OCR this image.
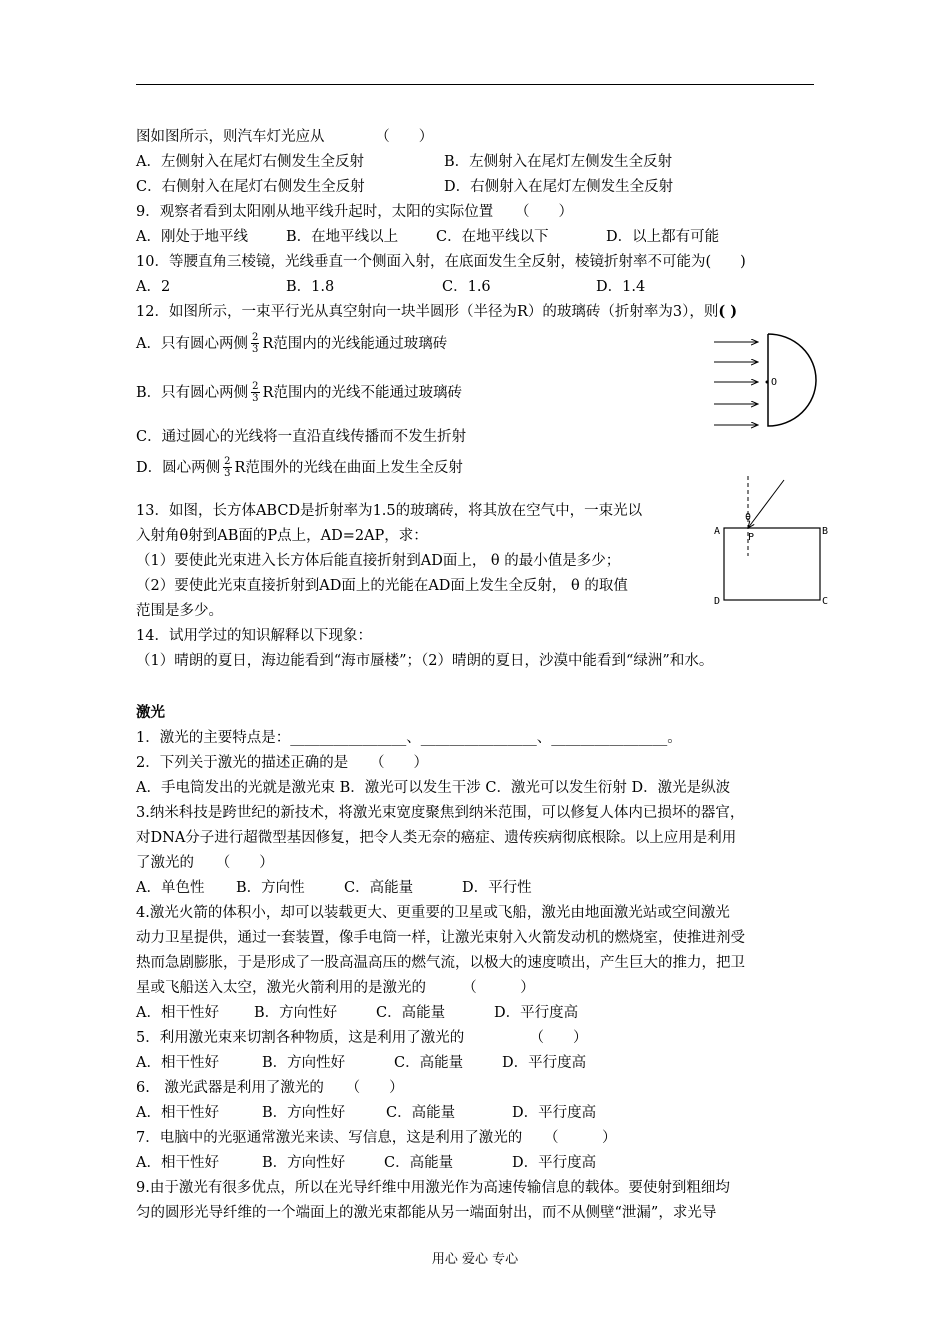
图如图所示，则汽车灯光应从　　　　（　　）
A．左侧射入在尾灯右侧发生全反射	B．左侧射入在尾灯左侧发生全反射
C．右侧射入在尾灯右侧发生全反射	D．右侧射入在尾灯左侧发生全反射
9．观察者看到太阳刚从地平线升起时，太阳的实际位置　　（　　）
A．刚处于地平线	B．在地平线以上	C．在地平线以下	D．以上都有可能
10．等腰直角三棱镜，光线垂直一个侧面入射，在底面发生全反射，棱镜折射率不可能为(　　)
A．2	B．1.8	C．1.6	D．1.4
12．如图所示，一束平行光从真空射向一块半圆形（半径为R）的玻璃砖（折射率为3），则( )
A．只有圆心两侧 $\frac{2}{3}$ R范围内的光线能通过玻璃砖
B．只有圆心两侧 $\frac{2}{3}$ R范围内的光线不能通过玻璃砖
C．通过圆心的光线将一直沿直线传播而不发生折射
D．圆心两侧 $\frac{2}{3}$ R范围外的光线在曲面上发生全反射
O
13．如图，长方体ABCD是折射率为1.5的玻璃砖，将其放在空气中，一束光以
入射角θ射到AB面的P点上，AD=2AP，求：
（1）要使此光束进入长方体后能直接折射到AD面上， θ 的最小值是多少；
（2）要使此光束直接折射到AD面上的光能在AD面上发生全反射， θ 的取值
范围是多少。
A	B
C
D
P
θ
14．试用学过的知识解释以下现象：
（1）晴朗的夏日，海边能看到“海市蜃楼”；（2）晴朗的夏日，沙漠中能看到“绿洲”和水。
激光
1．激光的主要特点是：________________、________________、________________。
2．下列关于激光的描述正确的是　　（　　）
A．手电筒发出的光就是激光束 B．激光可以发生干涉 C．激光可以发生衍射 D．激光是纵波
3.纳米科技是跨世纪的新技术，将激光束宽度聚焦到纳米范围，可以修复人体内已损坏的器官，
对DNA分子进行超微型基因修复，把令人类无奈的癌症、遗传疾病彻底根除。以上应用是利用
了激光的　　（　　）
A．单色性 B．方向性	C．高能量	D．平行性
4.激光火箭的体积小，却可以装载更大、更重要的卫星或飞船，激光由地面激光站或空间激光
动力卫星提供，通过一套装置，像手电筒一样，让激光束射入火箭发动机的燃烧室，使推进剂受
热而急剧膨胀，于是形成了一股高温高压的燃气流，以极大的速度喷出，产生巨大的推力，把卫
星或飞船送入太空，激光火箭利用的是激光的　　　（　　　）
A．相干性好 B．方向性好	C．高能量	D．平行度高
5．利用激光束来切割各种物质，这是利用了激光的　　　　　（　　）
A．相干性好	B．方向性好	C．高能量	D．平行度高
6.　激光武器是利用了激光的　　（　　）
A．相干性好	B．方向性好	C．高能量	D．平行度高
7．电脑中的光驱通常激光来读、写信息，这是利用了激光的　　（　　　）
A．相干性好	B．方向性好	C．高能量	D．平行度高
9.由于激光有很多优点，所以在光导纤维中用激光作为高速传输信息的载体。要使射到粗细均
匀的圆形光导纤维的一个端面上的激光束都能从另一端面射出，而不从侧壁“泄漏”，求光导
用心 爱心 专心
